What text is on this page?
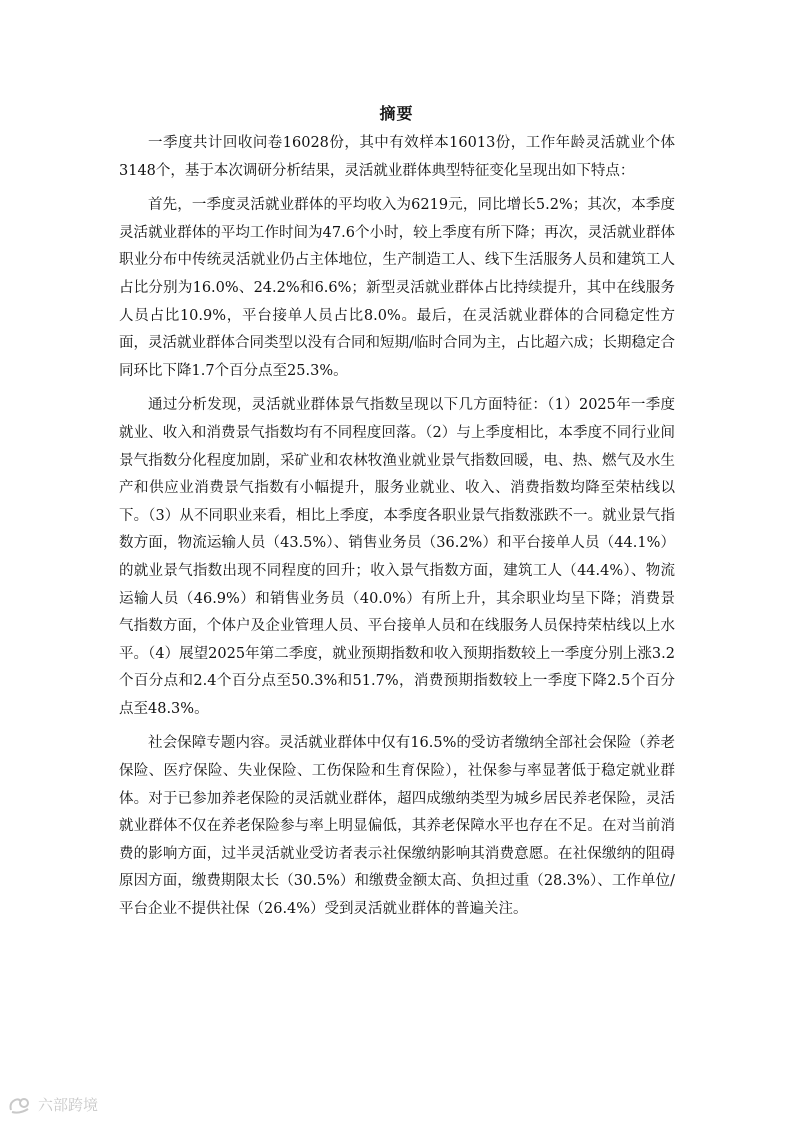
摘要

一季度共计回收问卷16028份，其中有效样本16013份，工作年龄灵活就业个体3148个，基于本次调研分析结果，灵活就业群体典型特征变化呈现出如下特点：

首先，一季度灵活就业群体的平均收入为6219元，同比增长5.2%；其次，本季度灵活就业群体的平均工作时间为47.6个小时，较上季度有所下降；再次，灵活就业群体职业分布中传统灵活就业仍占主体地位，生产制造工人、线下生活服务人员和建筑工人占比分别为16.0%、24.2%和6.6%；新型灵活就业群体占比持续提升，其中在线服务人员占比10.9%，平台接单人员占比8.0%。最后，在灵活就业群体的合同稳定性方面，灵活就业群体合同类型以没有合同和短期/临时合同为主，占比超六成；长期稳定合同环比下降1.7个百分点至25.3%。

通过分析发现，灵活就业群体景气指数呈现以下几方面特征：（1）2025年一季度就业、收入和消费景气指数均有不同程度回落。（2）与上季度相比，本季度不同行业间景气指数分化程度加剧，采矿业和农林牧渔业就业景气指数回暖，电、热、燃气及水生产和供应业消费景气指数有小幅提升，服务业就业、收入、消费指数均降至荣枯线以下。（3）从不同职业来看，相比上季度，本季度各职业景气指数涨跌不一。就业景气指数方面，物流运输人员（43.5%）、销售业务员（36.2%）和平台接单人员（44.1%）的就业景气指数出现不同程度的回升；收入景气指数方面，建筑工人（44.4%）、物流运输人员（46.9%）和销售业务员（40.0%）有所上升，其余职业均呈下降；消费景气指数方面，个体户及企业管理人员、平台接单人员和在线服务人员保持荣枯线以上水平。（4）展望2025年第二季度，就业预期指数和收入预期指数较上一季度分别上涨3.2个百分点和2.4个百分点至50.3%和51.7%，消费预期指数较上一季度下降2.5个百分点至48.3%。

社会保障专题内容。灵活就业群体中仅有16.5%的受访者缴纳全部社会保险（养老保险、医疗保险、失业保险、工伤保险和生育保险），社保参与率显著低于稳定就业群体。对于已参加养老保险的灵活就业群体，超四成缴纳类型为城乡居民养老保险，灵活就业群体不仅在养老保险参与率上明显偏低，其养老保障水平也存在不足。在对当前消费的影响方面，过半灵活就业受访者表示社保缴纳影响其消费意愿。在社保缴纳的阻碍原因方面，缴费期限太长（30.5%）和缴费金额太高、负担过重（28.3%）、工作单位/平台企业不提供社保（26.4%）受到灵活就业群体的普遍关注。

六部跨境
